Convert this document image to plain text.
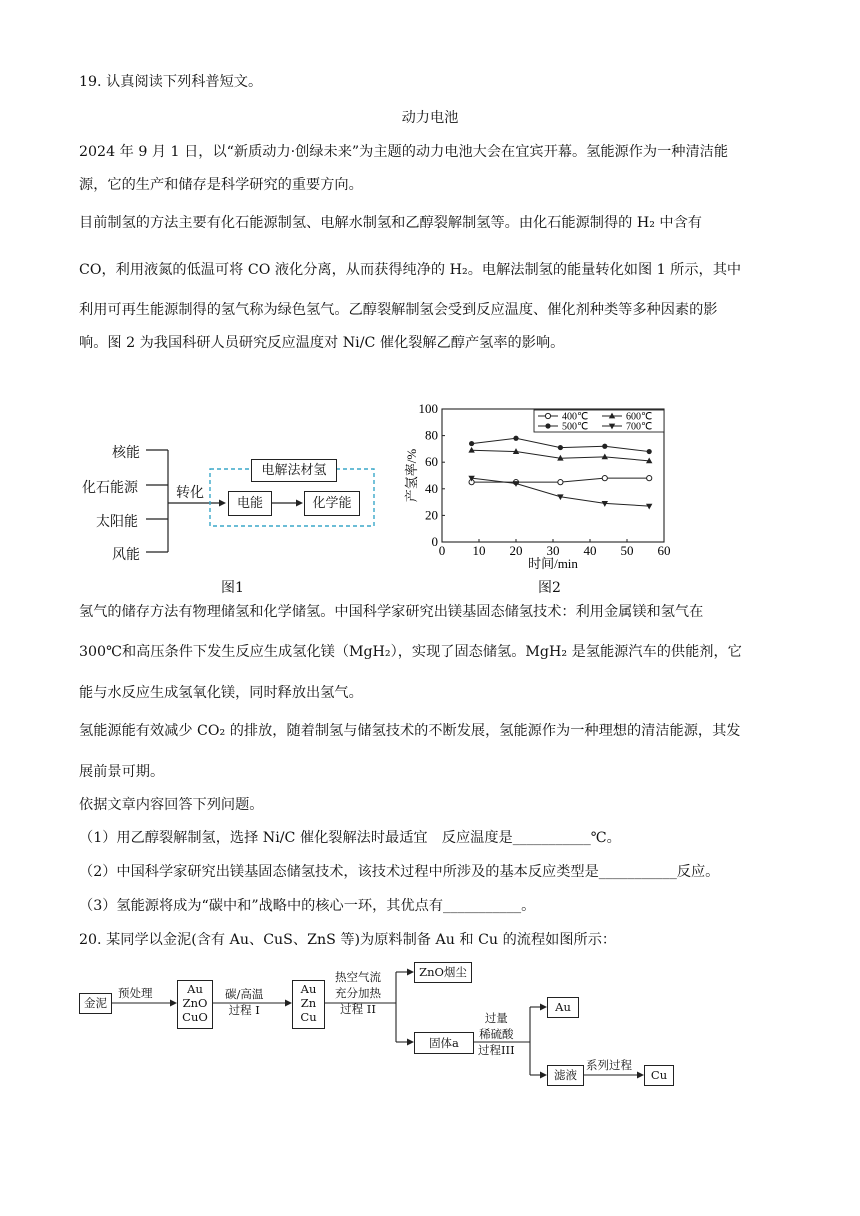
19. 认真阅读下列科普短文。
动力电池
2024 年 9 月 1 日，以“新质动力·创绿未来”为主题的动力电池大会在宜宾开幕。氢能源作为一种清洁能
源，它的生产和储存是科学研究的重要方向。
目前制氢的方法主要有化石能源制氢、电解水制氢和乙醇裂解制氢等。由化石能源制得的 H₂ 中含有
CO，利用液氮的低温可将 CO 液化分离，从而获得纯净的 H₂。电解法制氢的能量转化如图 1 所示，其中
利用可再生能源制得的氢气称为绿色氢气。乙醇裂解制氢会受到反应温度、催化剂种类等多种因素的影
响。图 2 为我国科研人员研究反应温度对 Ni/C 催化裂解乙醇产氢率的影响。
核能
化石能源
太阳能
风能
转化
电解法材氢
电能	化学能
图1
0 10 20 30 40 50 60
0
20
40
60
80
100
时间/min
产氢率/%
400℃	600℃
500℃	700℃
图2
氢气的储存方法有物理储氢和化学储氢。中国科学家研究出镁基固态储氢技术：利用金属镁和氢气在
300℃和高压条件下发生反应生成氢化镁（MgH₂），实现了固态储氢。MgH₂ 是氢能源汽车的供能剂，它
能与水反应生成氢氧化镁，同时释放出氢气。
氢能源能有效减少 CO₂ 的排放，随着制氢与储氢技术的不断发展，氢能源作为一种理想的清洁能源，其发
展前景可期。
依据文章内容回答下列问题。
（1）用乙醇裂解制氢，选择 Ni/C 催化裂解法时最适宜　反应温度是___________℃。
（2）中国科学家研究出镁基固态储氢技术，该技术过程中所涉及的基本反应类型是___________反应。
（3）氢能源将成为“碳中和”战略中的核心一环，其优点有___________。
20. 某同学以金泥(含有 Au、CuS、ZnS 等)为原料制备 Au 和 Cu 的流程如图所示：
金泥
预处理	Au
ZnO
CuO
碳/高温
过程 I
Au
Zn
Cu
热空气流
充分加热
过程 II
ZnO烟尘
固体a
过量
稀硫酸
过程III
Au
滤液
系列过程
Cu
